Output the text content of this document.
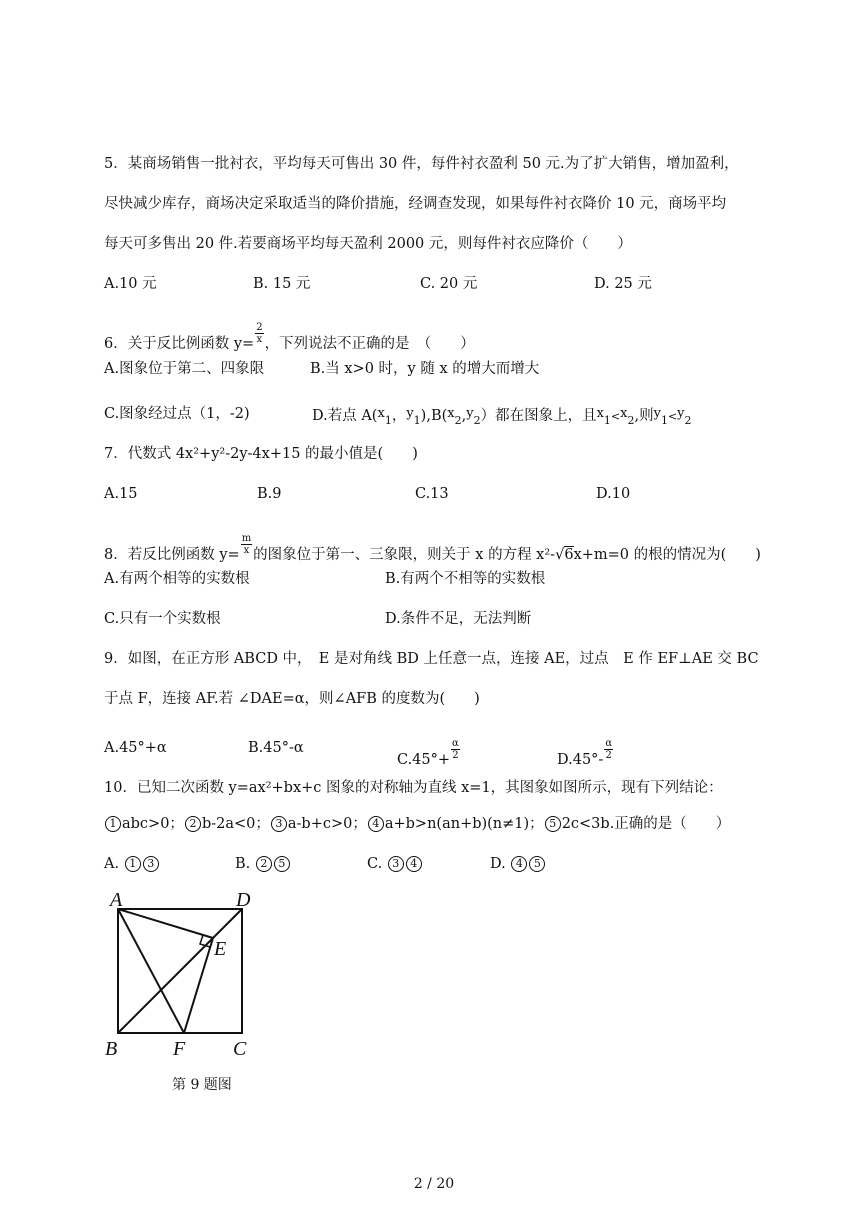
5．某商场销售一批衬衣，平均每天可售出 30 件，每件衬衣盈利 50 元.为了扩大销售，增加盈利，
尽快减少库存，商场决定采取适当的降价措施，经调查发现，如果每件衬衣降价 10 元，商场平均
每天可多售出 20 件.若要商场平均每天盈利 2000 元，则每件衬衣应降价（　　）
A.10 元	B. 15 元	C. 20 元	D. 25 元
6．关于反比例函数 $y= \frac{2}{x}$ ，下列说法不正确的是　（　　）
A.图象位于第二、四象限	B.当 x>0 时，y 随 x 的增大而增大
C.图象经过点（1，-2)	D.若点 $A(x_1$，$y_1),B(x_2,y_2)$都在图象上，且$x_1<x_2$,则$y_1<y_2$
7．代数式 4x²+y²-2y-4x+15 的最小值是(　　)
A.15	B.9	C.13	D.10
8．若反比例函数 $y= \frac{m}{x}$ 的图象位于第一、三象限，则关于 x 的方程 x²-√6x+m=0 的根的情况为(　　)
A.有两个相等的实数根	B.有两个不相等的实数根
C.只有一个实数根	D.条件不足，无法判断
9．如图，在正方形 ABCD 中，　E 是对角线 BD 上任意一点，连接 AE，过点　E 作 EF⊥AE 交 BC
于点 F，连接 AF.若 ∠DAE=α，则∠AFB 的度数为(　　)
A.45°+α	B.45°-α
$C.45^\circ+ \frac{\alpha}{2}$	$D.45^\circ- \frac{\alpha}{2}$
10．已知二次函数 y=ax²+bx+c 图象的对称轴为直线 x=1，其图象如图所示，现有下列结论：
1 abc>0； 2 b-2a<0； 3 a-b+c>0； 4 a+b>n(an+b)(n≠1)； 5 2c<3b.正确的是（　　）
A. 1 3	B. 2 5	C. 3 4	D. 4 5
A	D
E
B	F C
第 9 题图
2 / 20
